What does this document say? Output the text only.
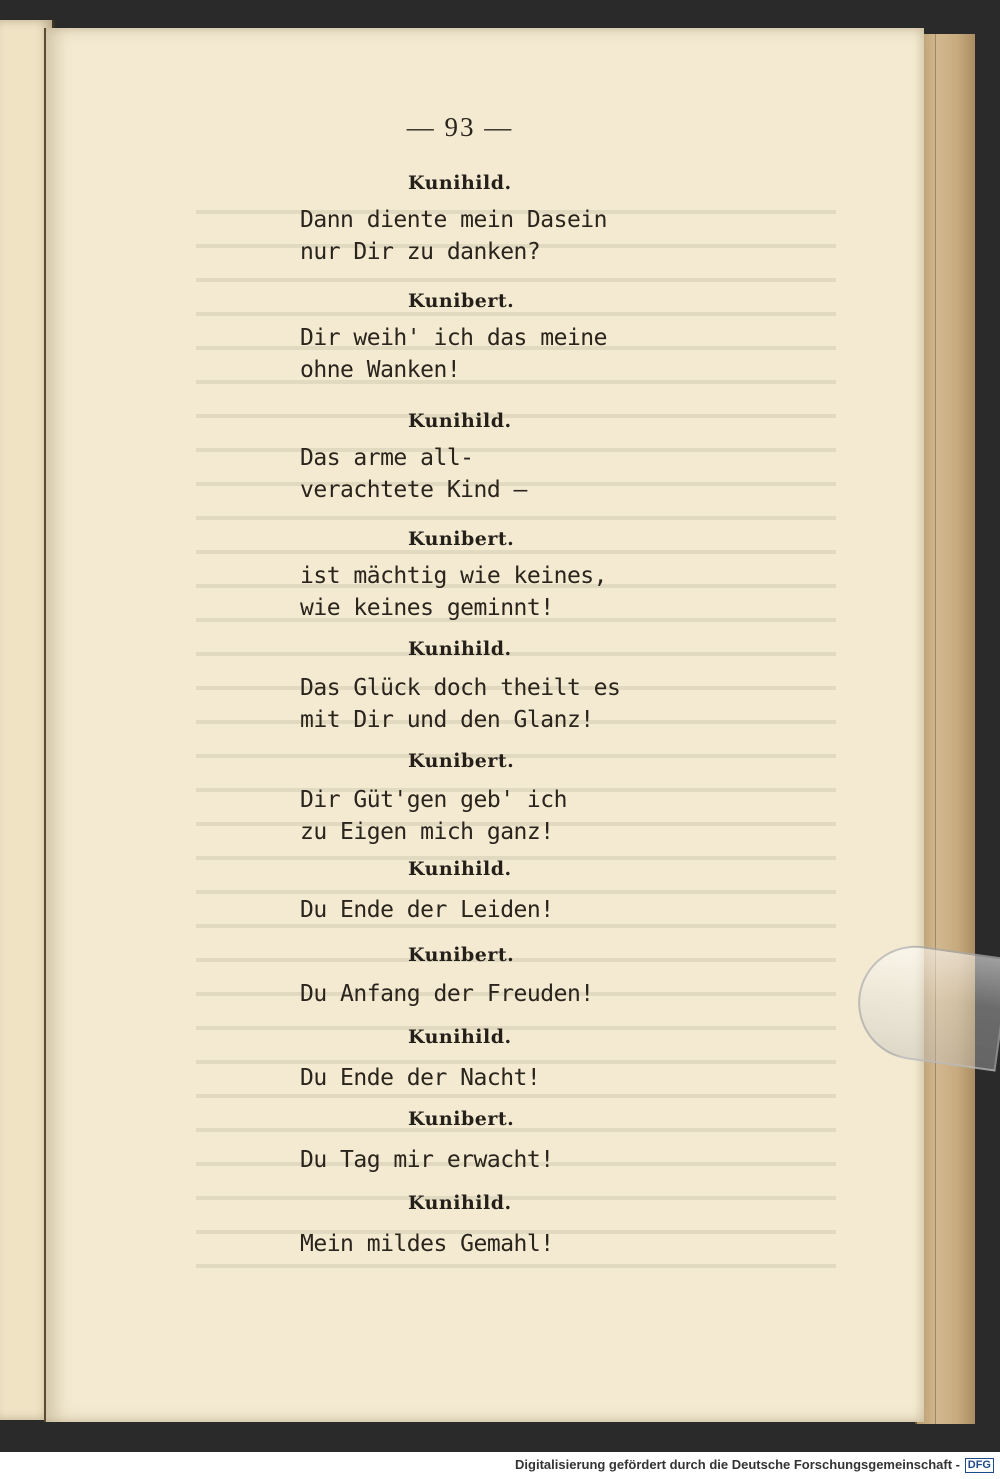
— 93 —
Kunihild.
Dann diente mein Dasein
nur Dir zu danken?
Kunibert.
Dir weih' ich das meine
ohne Wanken!
Kunihild.
Das arme all-
verachtete Kind —
Kunibert.
ist mächtig wie keines,
wie keines geminnt!
Kunihild.
Das Glück doch theilt es
mit Dir und den Glanz!
Kunibert.
Dir Güt'gen geb' ich
zu Eigen mich ganz!
Kunihild.
Du Ende der Leiden!
Kunibert.
Du Anfang der Freuden!
Kunihild.
Du Ende der Nacht!
Kunibert.
Du Tag mir erwacht!
Kunihild.
Mein mildes Gemahl!
Digitalisierung gefördert durch die Deutsche Forschungsgemeinschaft - DFG
